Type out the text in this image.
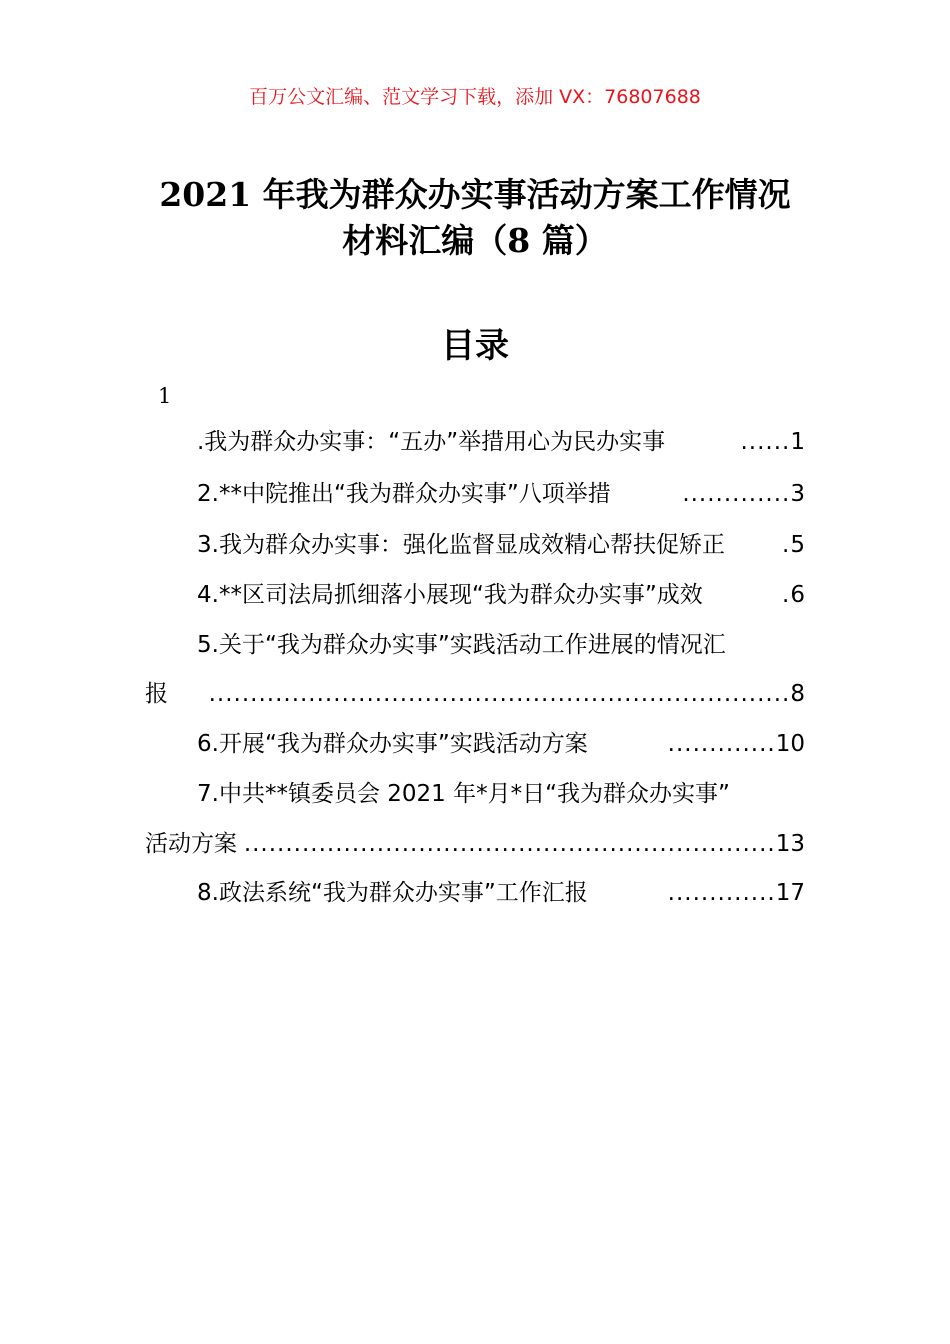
百万公文汇编、范文学习下载，添加 VX：76807688
2021 年我为群众办实事活动方案工作情况
材料汇编（8 篇）
目录
1
.我为群众办实事：“五办”举措用心为民办实事	...... 1
2.**中院推出“我为群众办实事”八项举措	............. 3
3.我为群众办实事：强化监督显成效精心帮扶促矫正	. 5
4.**区司法局抓细落小展现“我为群众办实事”成效	. 6
5.关于“我为群众办实事”实践活动工作进展的情况汇
报	...................................................................... 8
6.开展“我为群众办实事”实践活动方案	............. 10
7.中共**镇委员会 2021 年*月*日“我为群众办实事”
活动方案 ................................................................ 13
8.政法系统“我为群众办实事”工作汇报	............. 17
